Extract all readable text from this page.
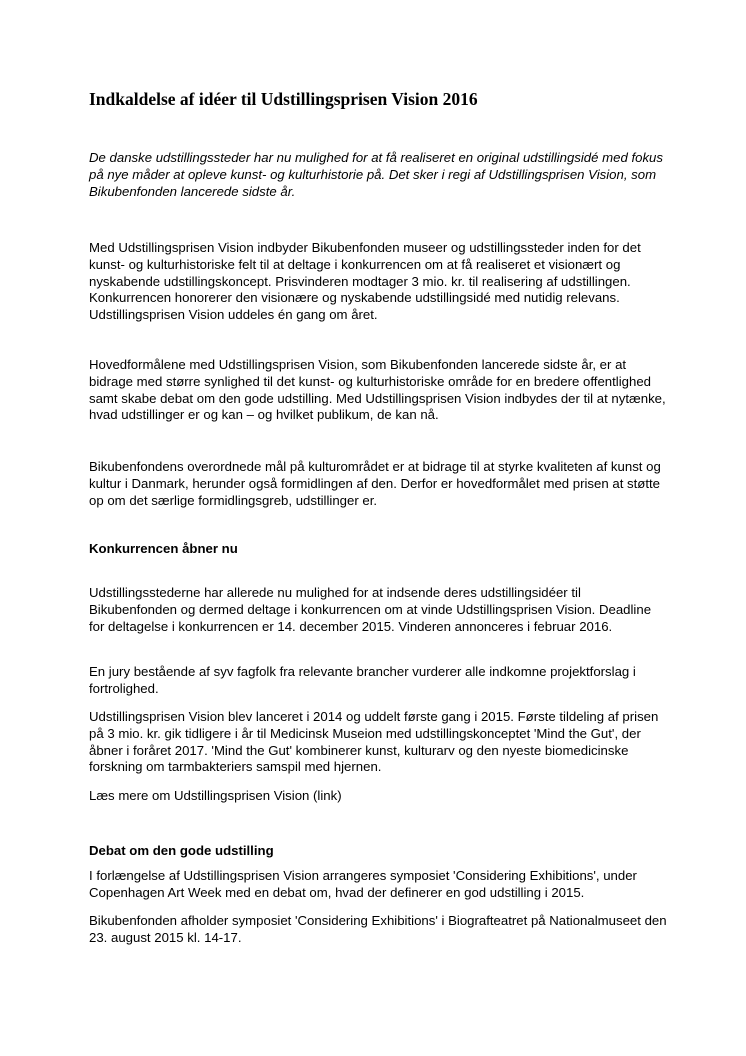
Indkaldelse af idéer til Udstillingsprisen Vision 2016

De danske udstillingssteder har nu mulighed for at få realiseret en original udstillingsidé med fokus på nye måder at opleve kunst- og kulturhistorie på. Det sker i regi af Udstillingsprisen Vision, som Bikubenfonden lancerede sidste år.

Med Udstillingsprisen Vision indbyder Bikubenfonden museer og udstillingssteder inden for det kunst- og kulturhistoriske felt til at deltage i konkurrencen om at få realiseret et visionært og nyskabende udstillingskoncept. Prisvinderen modtager 3 mio. kr. til realisering af udstillingen. Konkurrencen honorerer den visionære og nyskabende udstillingsidé med nutidig relevans. Udstillingsprisen Vision uddeles én gang om året.

Hovedformålene med Udstillingsprisen Vision, som Bikubenfonden lancerede sidste år, er at bidrage med større synlighed til det kunst- og kulturhistoriske område for en bredere offentlighed samt skabe debat om den gode udstilling. Med Udstillingsprisen Vision indbydes der til at nytænke, hvad udstillinger er og kan – og hvilket publikum, de kan nå.

Bikubenfondens overordnede mål på kulturområdet er at bidrage til at styrke kvaliteten af kunst og kultur i Danmark, herunder også formidlingen af den. Derfor er hovedformålet med prisen at støtte op om det særlige formidlingsgreb, udstillinger er.

Konkurrencen åbner nu

Udstillingsstederne har allerede nu mulighed for at indsende deres udstillingsidéer til Bikubenfonden og dermed deltage i konkurrencen om at vinde Udstillingsprisen Vision. Deadline for deltagelse i konkurrencen er 14. december 2015. Vinderen annonceres i februar 2016.

En jury bestående af syv fagfolk fra relevante brancher vurderer alle indkomne projektforslag i fortrolighed.

Udstillingsprisen Vision blev lanceret i 2014 og uddelt første gang i 2015. Første tildeling af prisen på 3 mio. kr. gik tidligere i år til Medicinsk Museion med udstillingskonceptet 'Mind the Gut', der åbner i foråret 2017. 'Mind the Gut' kombinerer kunst, kulturarv og den nyeste biomedicinske forskning om tarmbakteriers samspil med hjernen.

Læs mere om Udstillingsprisen Vision (link)

Debat om den gode udstilling

I forlængelse af Udstillingsprisen Vision arrangeres symposiet 'Considering Exhibitions', under Copenhagen Art Week med en debat om, hvad der definerer en god udstilling i 2015.

Bikubenfonden afholder symposiet 'Considering Exhibitions' i Biografteatret på Nationalmuseet den 23. august 2015 kl. 14-17.
